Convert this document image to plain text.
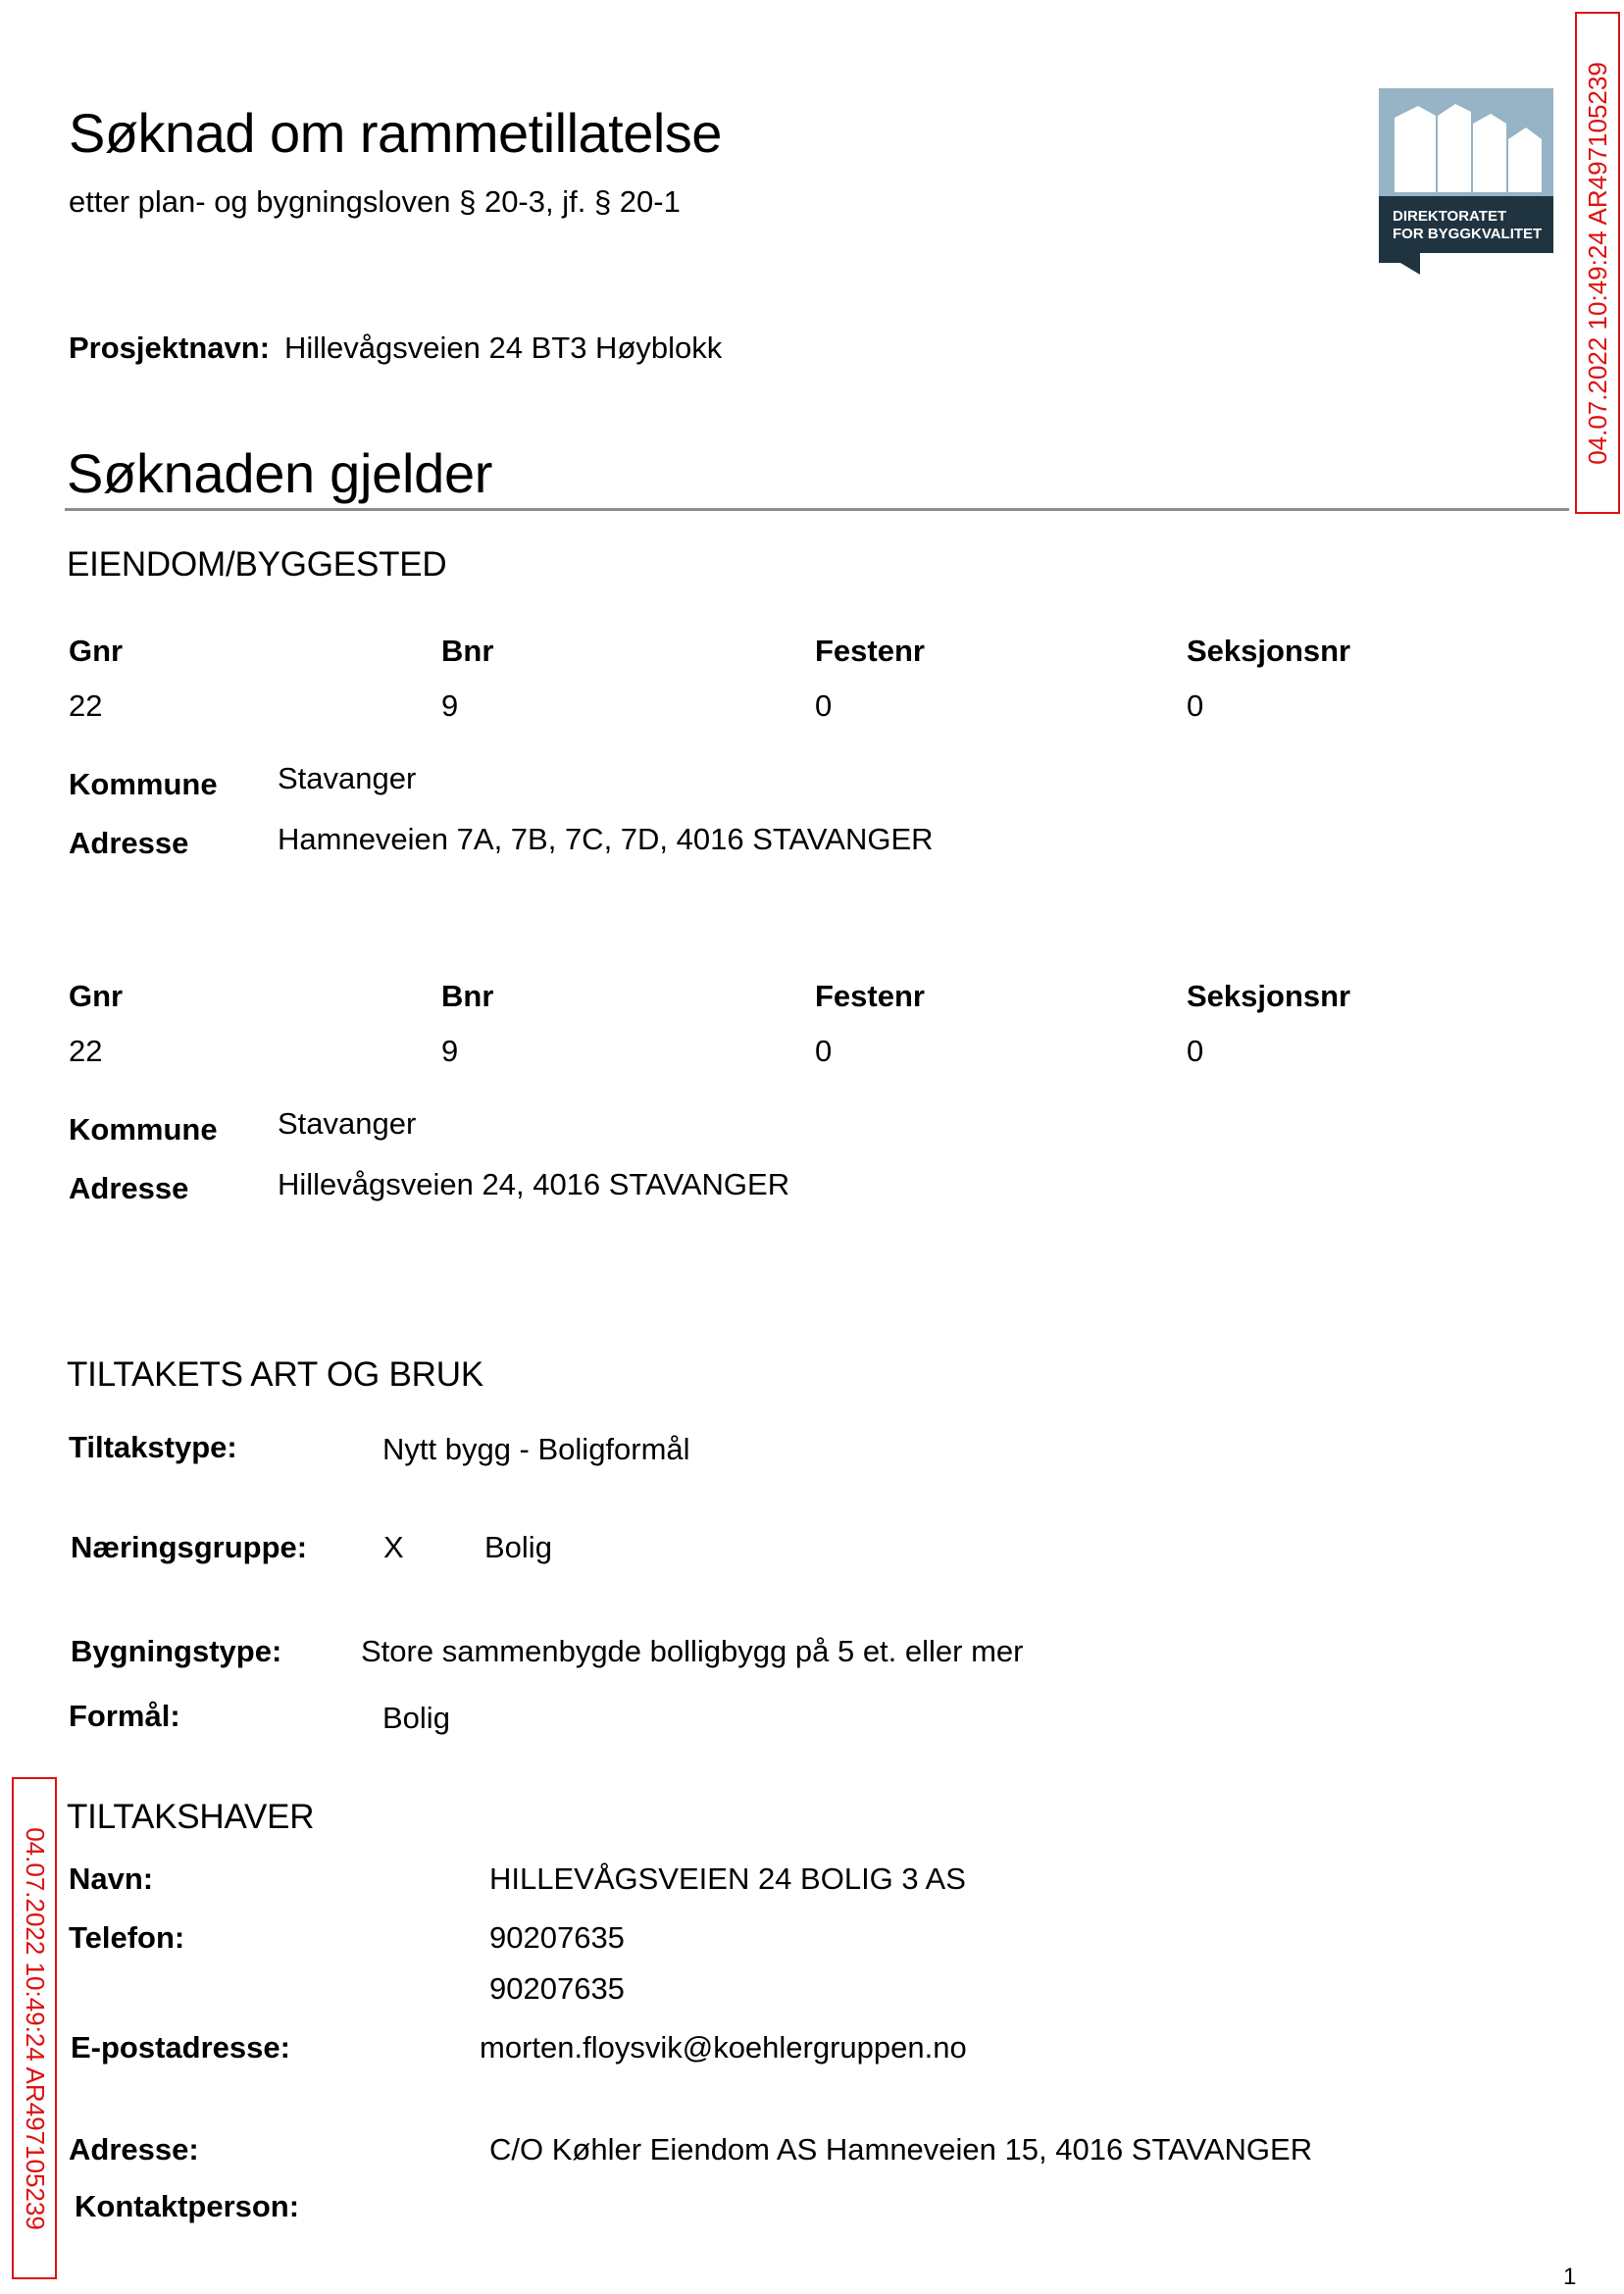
Søknad om rammetillatelse
etter plan- og bygningsloven § 20-3, jf. § 20-1	DIREKTORATET
FOR BYGGKVALITET 04.07.2022 10:49:24 AR497105239
04.07.2022 10:49:24 AR497105239
Prosjektnavn: Hillevågsveien 24 BT3 Høyblokk
Søknaden gjelder
EIENDOM/BYGGESTED
Gnr	Bnr	Festenr	Seksjonsnr
22	9	0	0
Kommune Stavanger
Adresse	Hamneveien 7A, 7B, 7C, 7D, 4016 STAVANGER
Gnr	Bnr	Festenr	Seksjonsnr
22	9	0	0
Kommune Stavanger
Adresse	Hillevågsveien 24, 4016 STAVANGER
TILTAKETS ART OG BRUK
Tiltakstype:	Nytt bygg - Boligformål
Næringsgruppe:	X	Bolig
Bygningstype:	Store sammenbygde bolligbygg på 5 et. eller mer
Formål:	Bolig
TILTAKSHAVER
Navn:	HILLEVÅGSVEIEN 24 BOLIG 3 AS
Telefon:	90207635
90207635
E-postadresse:	morten.floysvik@koehlergruppen.no
Adresse:	C/O Køhler Eiendom AS Hamneveien 15, 4016 STAVANGER
Kontaktperson:
1
